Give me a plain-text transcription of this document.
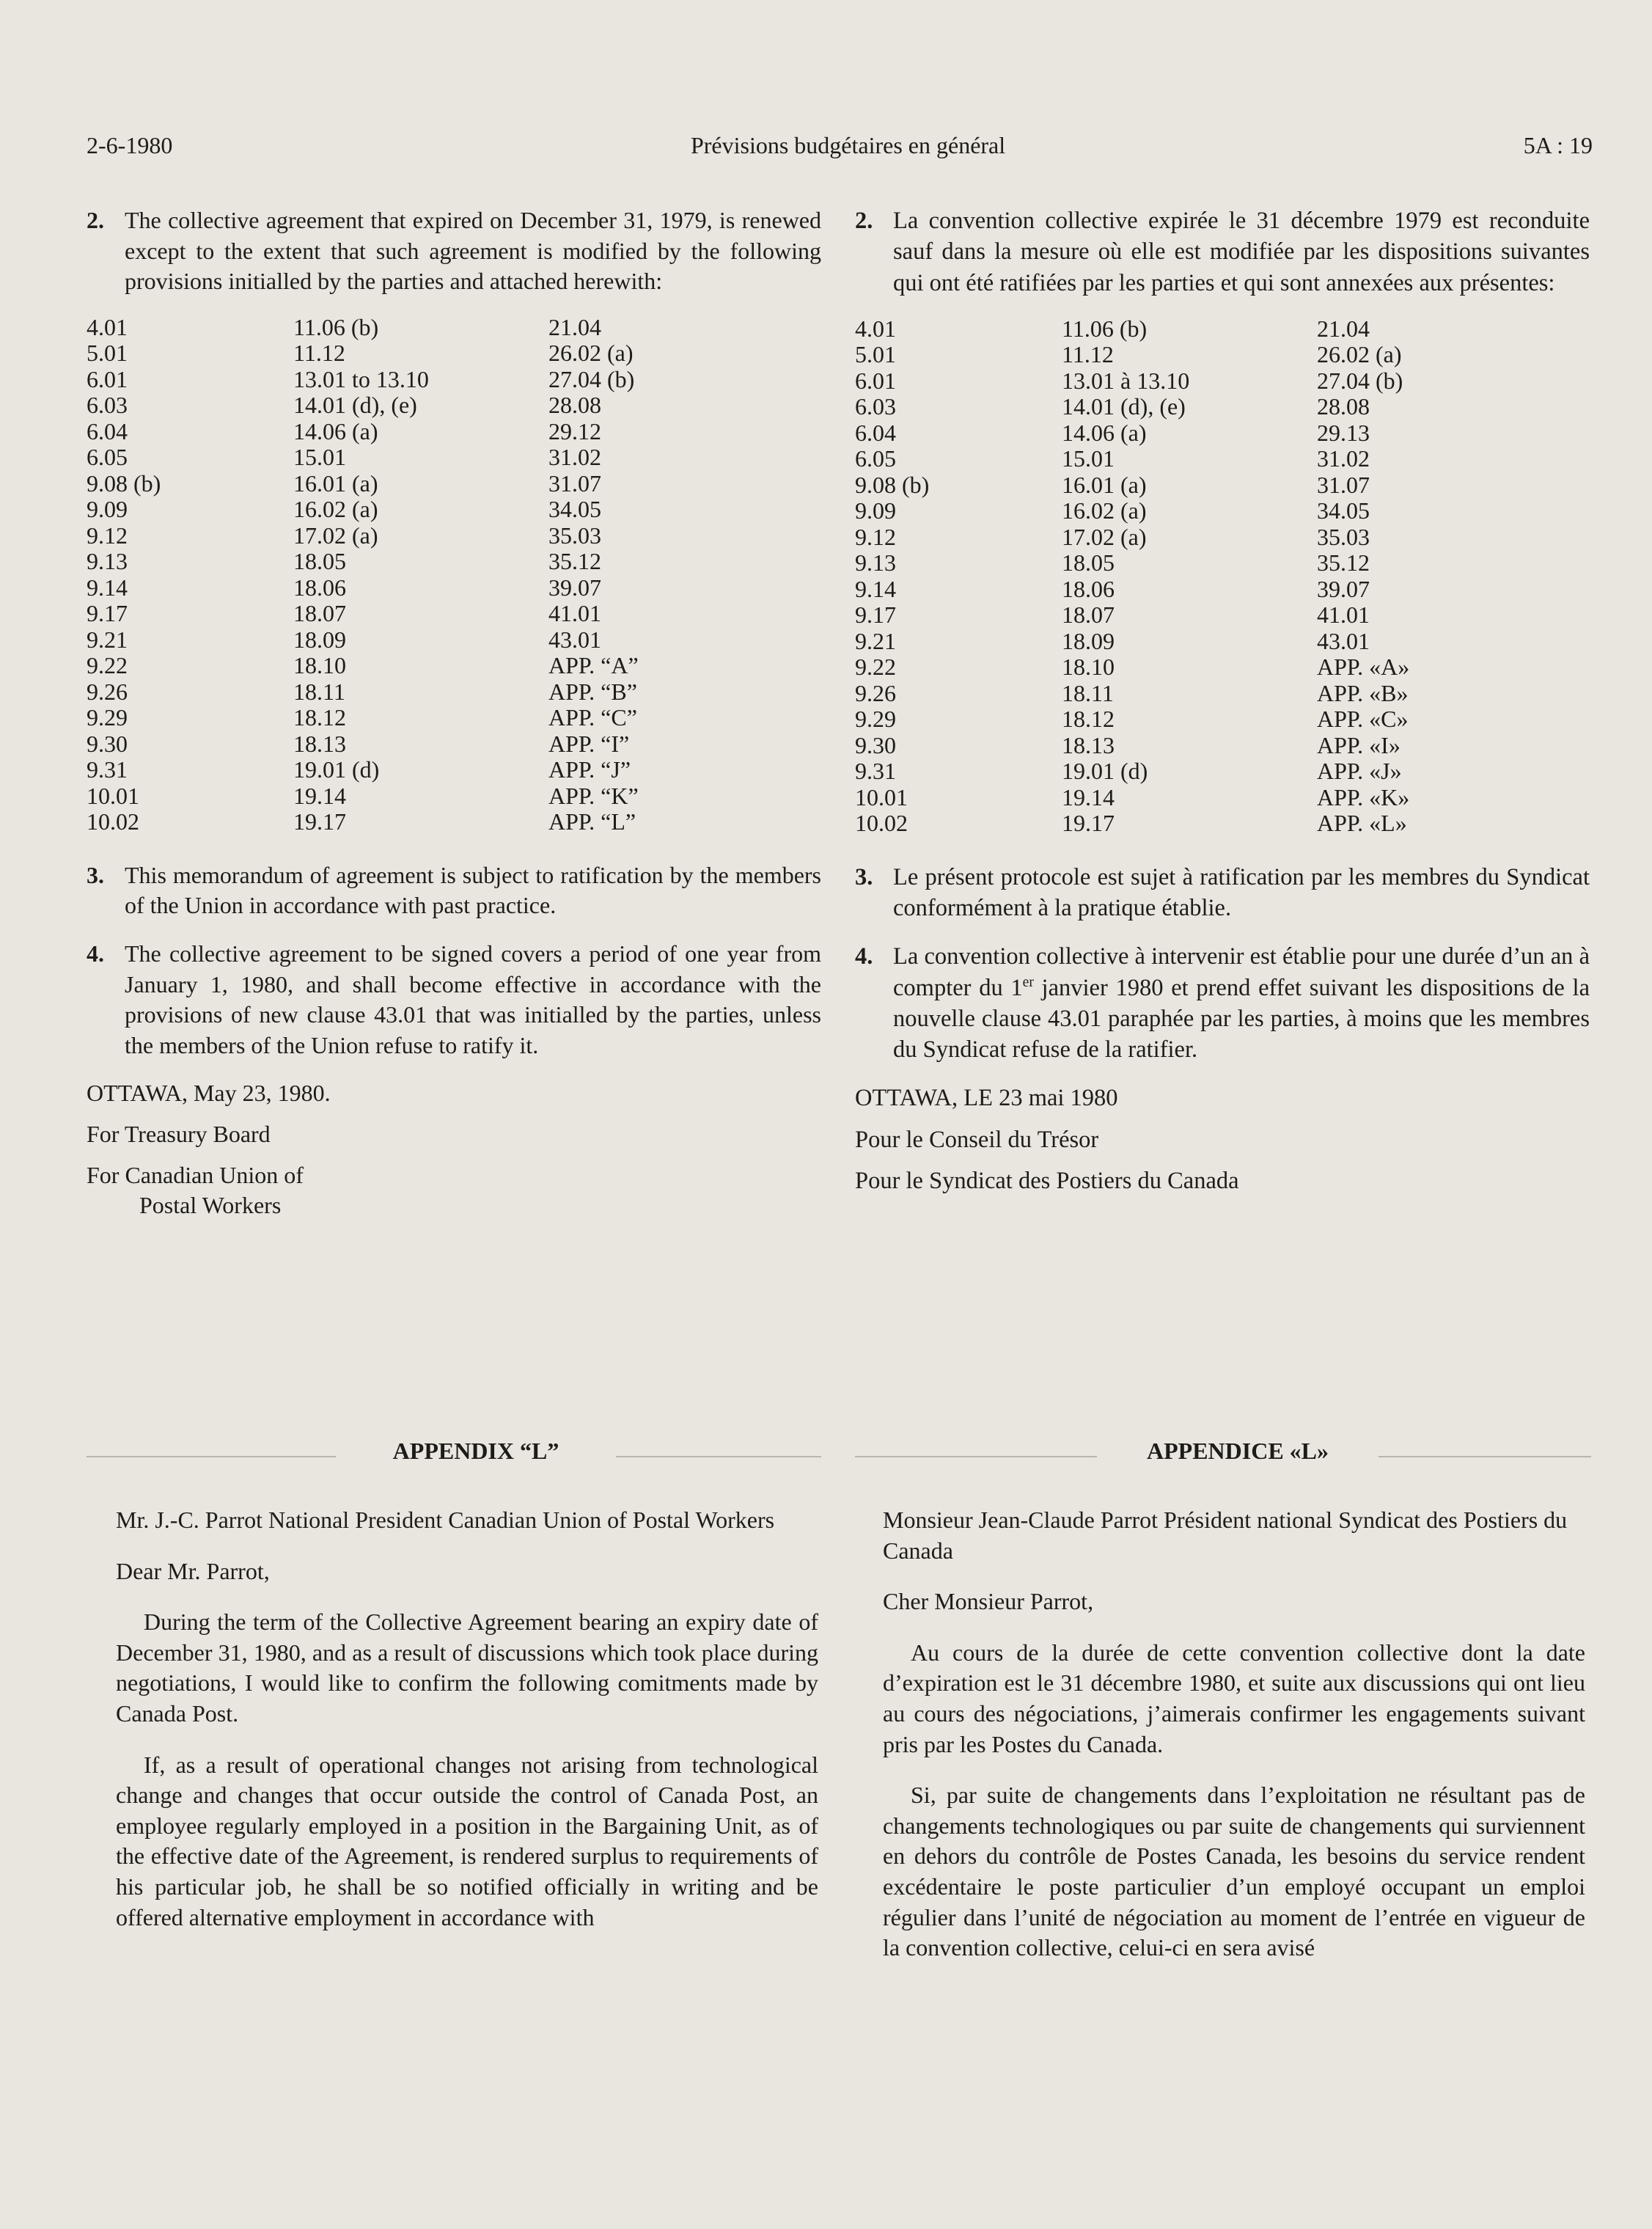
2-6-1980	Prévisions budgétaires en général	5A : 19
2. The collective agreement that expired on December 31, 1979, is renewed except to the extent that such agreement is modified by the following provisions initialled by the parties and attached herewith:
4.01	11.06 (b)	21.04
5.01	11.12	26.02 (a)
6.01	13.01 to 13.10	27.04 (b)
6.03	14.01 (d), (e)	28.08
6.04	14.06 (a)	29.12
6.05	15.01	31.02
9.08 (b)	16.01 (a)	31.07
9.09	16.02 (a)	34.05
9.12	17.02 (a)	35.03
9.13	18.05	35.12
9.14	18.06	39.07
9.17	18.07	41.01
9.21	18.09	43.01
9.22	18.10	APP. “A”
9.26	18.11	APP. “B”
9.29	18.12	APP. “C”
9.30	18.13	APP. “I”
9.31	19.01 (d)	APP. “J”
10.01	19.14	APP. “K”
10.02	19.17	APP. “L”
3. This memorandum of agreement is subject to ratification by the members of the Union in accordance with past practice.
4. The collective agreement to be signed covers a period of one year from January 1, 1980, and shall become effective in accordance with the provisions of new clause 43.01 that was initialled by the parties, unless the members of the Union refuse to ratify it.
OTTAWA, May 23, 1980.
For Treasury Board
For Canadian Union of
Postal Workers
2. La convention collective expirée le 31 décembre 1979 est reconduite sauf dans la mesure où elle est modifiée par les dispositions suivantes qui ont été ratifiées par les parties et qui sont annexées aux présentes:
4.01	11.06 (b)	21.04
5.01	11.12	26.02 (a)
6.01	13.01 à 13.10	27.04 (b)
6.03	14.01 (d), (e)	28.08
6.04	14.06 (a)	29.13
6.05	15.01	31.02
9.08 (b)	16.01 (a)	31.07
9.09	16.02 (a)	34.05
9.12	17.02 (a)	35.03
9.13	18.05	35.12
9.14	18.06	39.07
9.17	18.07	41.01
9.21	18.09	43.01
9.22	18.10	APP. «A»
9.26	18.11	APP. «B»
9.29	18.12	APP. «C»
9.30	18.13	APP. «I»
9.31	19.01 (d)	APP. «J»
10.01	19.14	APP. «K»
10.02	19.17	APP. «L»
3. Le présent protocole est sujet à ratification par les membres du Syndicat conformément à la pratique établie.
4. La convention collective à intervenir est établie pour une durée d’un an à compter du 1er janvier 1980 et prend effet suivant les dispositions de la nouvelle clause 43.01 paraphée par les parties, à moins que les membres du Syndicat refuse de la ratifier.
OTTAWA, LE 23 mai 1980
Pour le Conseil du Trésor
Pour le Syndicat des Postiers du Canada
APPENDIX “L”	APPENDICE «L»

Mr. J.-C. Parrot National President Canadian Union of Postal Workers

Dear Mr. Parrot,

During the term of the Collective Agreement bearing an expiry date of December 31, 1980, and as a result of discussions which took place during negotiations, I would like to confirm the following comitments made by Canada Post.

If, as a result of operational changes not arising from technological change and changes that occur outside the control of Canada Post, an employee regularly employed in a position in the Bargaining Unit, as of the effective date of the Agreement, is rendered surplus to requirements of his particular job, he shall be so notified officially in writing and be offered alternative employment in accordance with

Monsieur Jean-Claude Parrot Président national Syndicat des Postiers du Canada

Cher Monsieur Parrot,

Au cours de la durée de cette convention collective dont la date d’expiration est le 31 décembre 1980, et suite aux discussions qui ont lieu au cours des négociations, j’aimerais confirmer les engagements suivant pris par les Postes du Canada.

Si, par suite de changements dans l’exploitation ne résultant pas de changements technologiques ou par suite de changements qui surviennent en dehors du contrôle de Postes Canada, les besoins du service rendent excédentaire le poste particulier d’un employé occupant un emploi régulier dans l’unité de négociation au moment de l’entrée en vigueur de la convention collective, celui-ci en sera avisé
